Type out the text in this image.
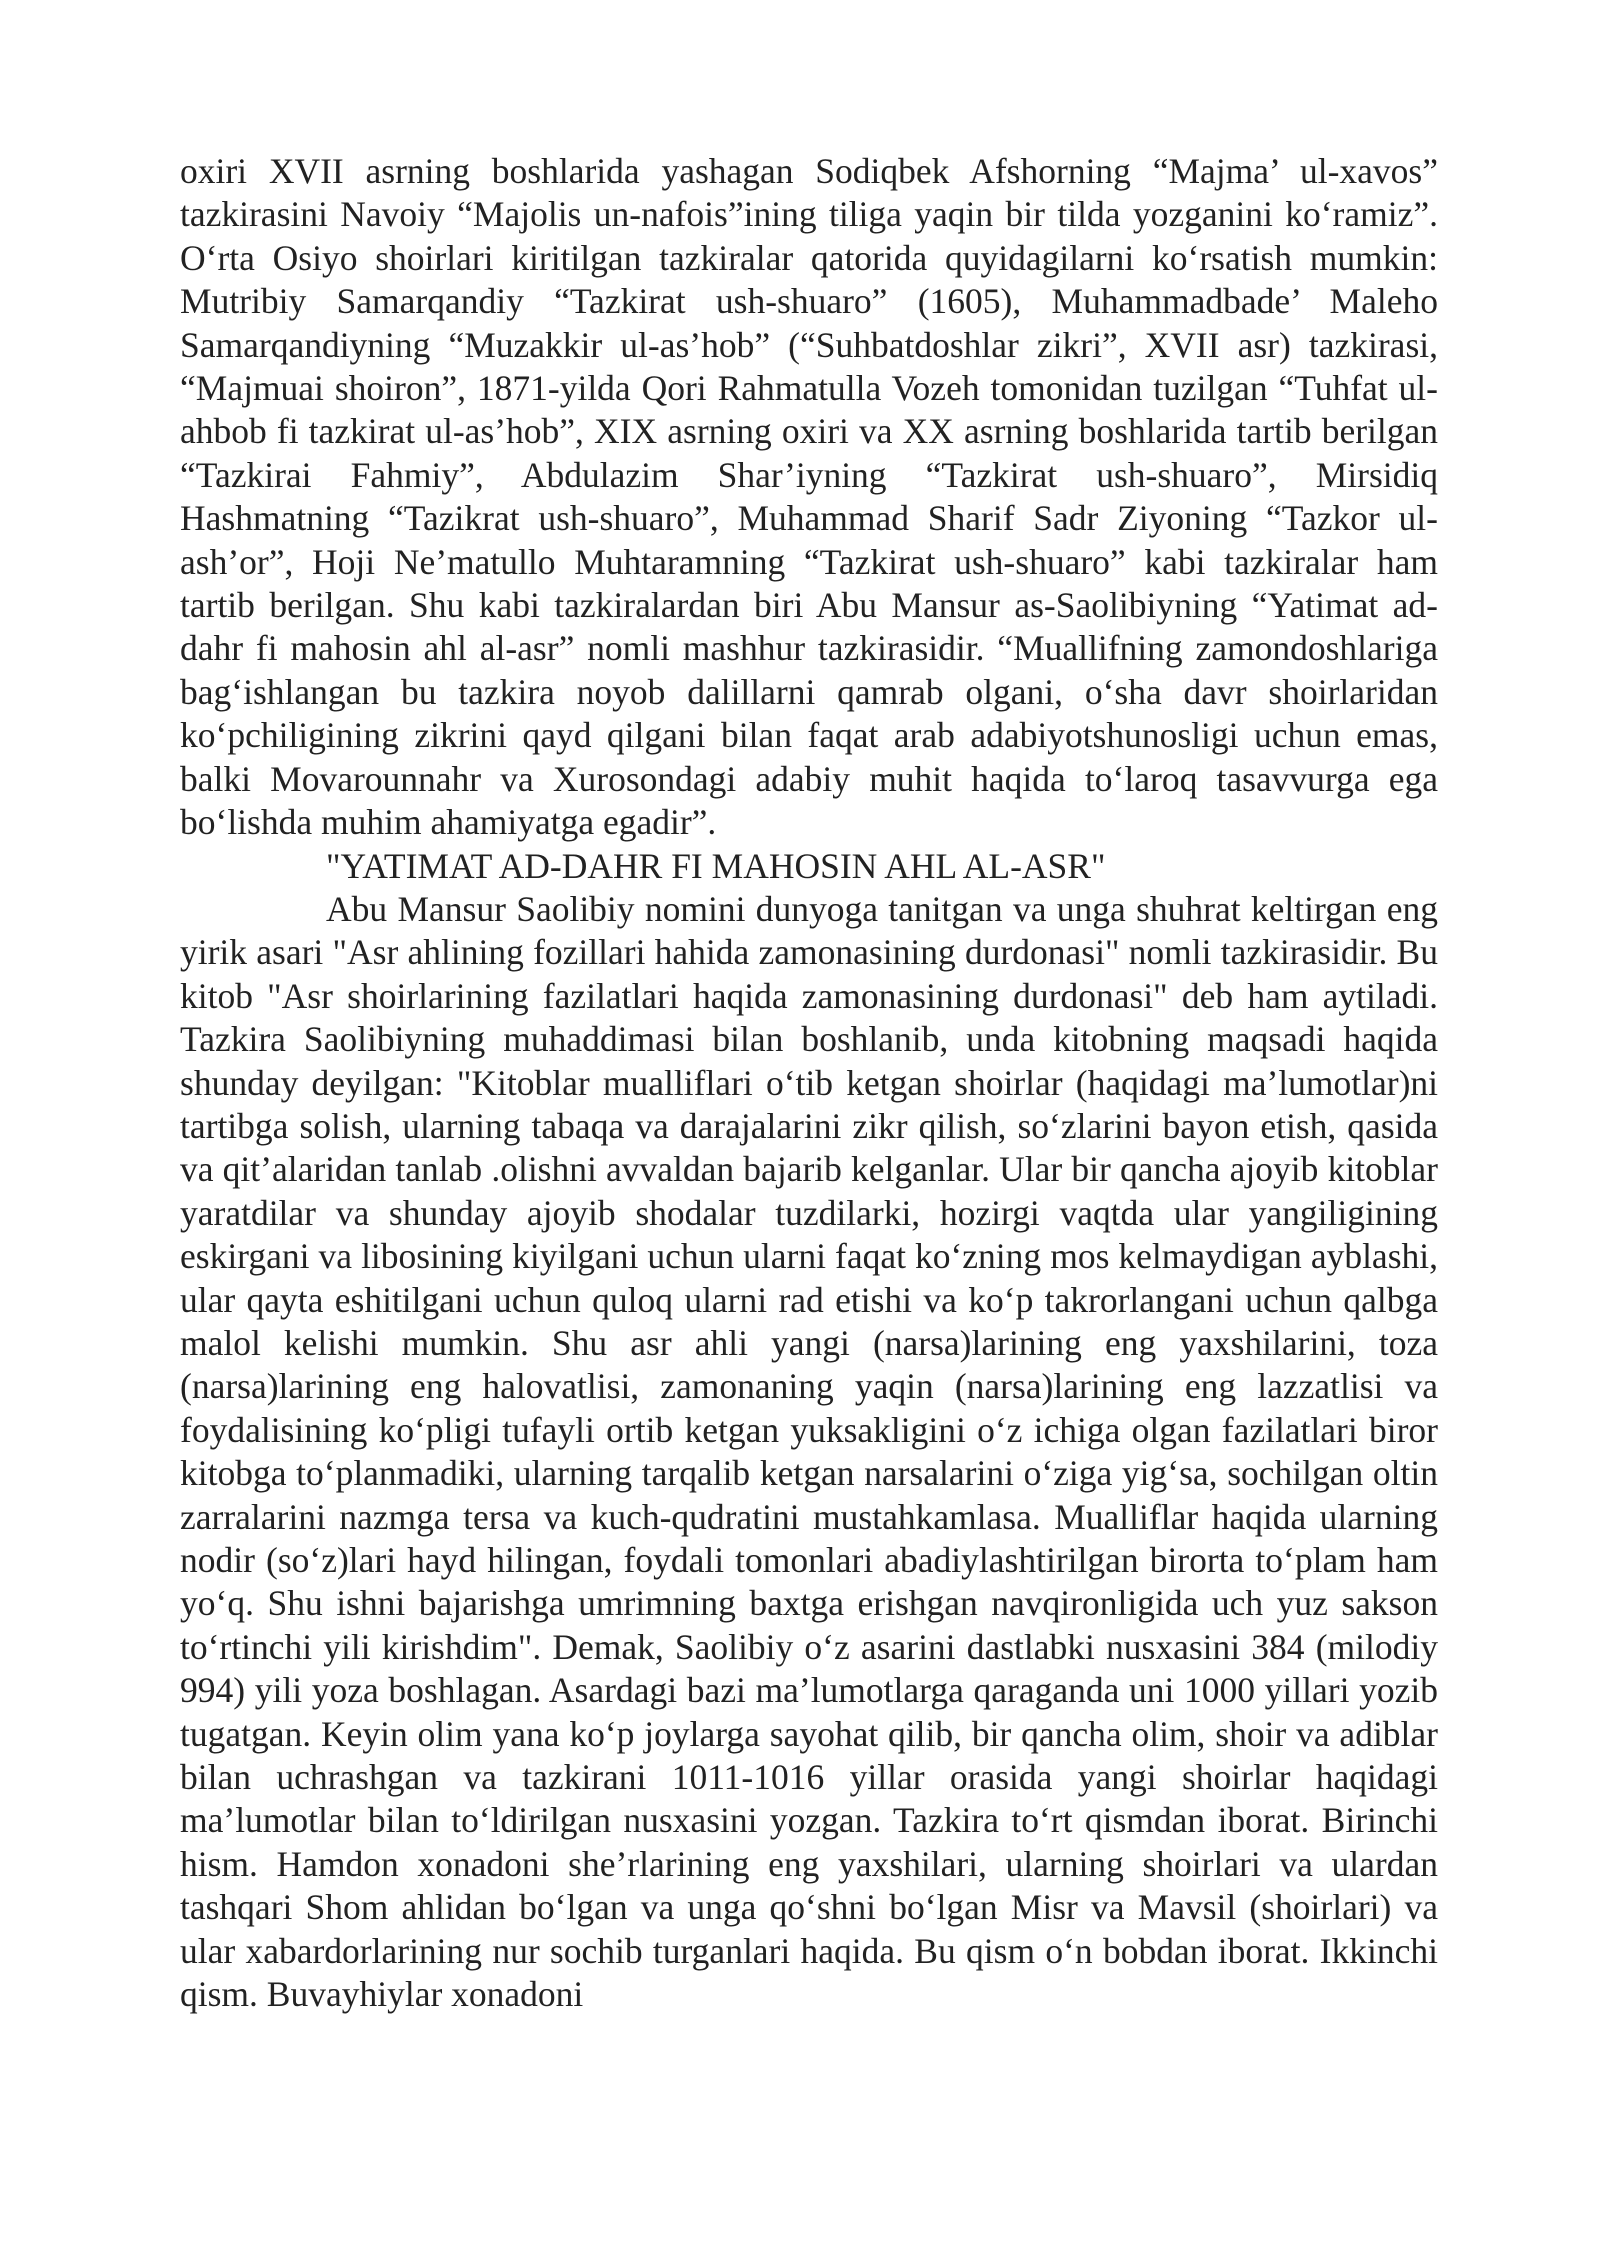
oxiri XVII asrning boshlarida yashagan Sodiqbek Afshorning “Majma’ ul-xavos” tazkirasini Navoiy “Majolis un-nafois”ining tiliga yaqin bir tilda yozganini ko‘ramiz”. O‘rta Osiyo shoirlari kiritilgan tazkiralar qatorida quyidagilarni ko‘rsatish mumkin: Mutribiy Samarqandiy “Tazkirat ush-shuaro” (1605), Muhammadbade’ Maleho Samarqandiyning “Muzakkir ul-as’hob” (“Suhbatdoshlar zikri”, XVII asr) tazkirasi, “Majmuai shoiron”, 1871-yilda Qori Rahmatulla Vozeh tomonidan tuzilgan “Tuhfat ul-ahbob fi tazkirat ul-as’hob”, XIX asrning oxiri va XX asrning boshlarida tartib berilgan “Tazkirai Fahmiy”, Abdulazim Shar’iyning “Tazkirat ush-shuaro”, Mirsidiq Hashmatning “Tazikrat ush-shuaro”, Muhammad Sharif Sadr Ziyoning “Tazkor ul-ash’or”, Hoji Ne’matullo Muhtaramning “Tazkirat ush-shuaro” kabi tazkiralar ham tartib berilgan. Shu kabi tazkiralardan biri Abu Mansur as-Saolibiyning “Yatimat ad-dahr fi mahosin ahl al-asr” nomli mashhur tazkirasidir. “Muallifning zamondoshlariga bag‘ishlangan bu tazkira noyob dalillarni qamrab olgani, o‘sha davr shoirlaridan ko‘pchiligining zikrini qayd qilgani bilan faqat arab adabiyotshunosligi uchun emas, balki Movarounnahr va Xurosondagi adabiy muhit haqida to‘laroq tasavvurga ega bo‘lishda muhim ahamiyatga egadir”.

"YATIMAT AD-DAHR FI MAHOSIN AHL AL-ASR"

Abu Mansur Saolibiy nomini dunyoga tanitgan va unga shuhrat keltirgan eng yirik asari "Asr ahlining fozillari hahida zamonasining durdonasi" nomli tazkirasidir. Bu kitob "Asr shoirlarining fazilatlari haqida zamonasining durdonasi" deb ham aytiladi. Tazkira Saolibiyning muhaddimasi bilan boshlanib, unda kitobning maqsadi haqida shunday deyilgan: "Kitoblar mualliflari o‘tib ketgan shoirlar (haqidagi ma’lumotlar)ni tartibga solish, ularning tabaqa va darajalarini zikr qilish, so‘zlarini bayon etish, qasida va qit’alaridan tanlab .olishni avvaldan bajarib kelganlar. Ular bir qancha ajoyib kitoblar yaratdilar va shunday ajoyib shodalar tuzdilarki, hozirgi vaqtda ular yangiligining eskirgani va libosining kiyilgani uchun ularni faqat ko‘zning mos kelmaydigan ayblashi, ular qayta eshitilgani uchun quloq ularni rad etishi va ko‘p takrorlangani uchun qalbga malol kelishi mumkin. Shu asr ahli yangi (narsa)larining eng yaxshilarini, toza (narsa)larining eng halovatlisi, zamonaning yaqin (narsa)larining eng lazzatlisi va foydalisining ko‘pligi tufayli ortib ketgan yuksakligini o‘z ichiga olgan fazilatlari biror kitobga to‘planmadiki, ularning tarqalib ketgan narsalarini o‘ziga yig‘sa, sochilgan oltin zarralarini nazmga tersa va kuch-qudratini mustahkamlasa. Mualliflar haqida ularning nodir (so‘z)lari hayd hilingan, foydali tomonlari abadiylashtirilgan birorta to‘plam ham yo‘q. Shu ishni bajarishga umrimning baxtga erishgan navqironligida uch yuz sakson to‘rtinchi yili kirishdim". Demak, Saolibiy o‘z asarini dastlabki nusxasini 384 (milodiy 994) yili yoza boshlagan. Asardagi bazi ma’lumotlarga qaraganda uni 1000 yillari yozib tugatgan. Keyin olim yana ko‘p joylarga sayohat qilib, bir qancha olim, shoir va adiblar bilan uchrashgan va tazkirani 1011-1016 yillar orasida yangi shoirlar haqidagi ma’lumotlar bilan to‘ldirilgan nusxasini yozgan. Tazkira to‘rt qismdan iborat. Birinchi hism. Hamdon xonadoni she’rlarining eng yaxshilari, ularning shoirlari va ulardan tashqari Shom ahlidan bo‘lgan va unga qo‘shni bo‘lgan Misr va Mavsil (shoirlari) va ular xabardorlarining nur sochib turganlari haqida. Bu qism o‘n bobdan iborat. Ikkinchi qism. Buvayhiylar xonadoni
